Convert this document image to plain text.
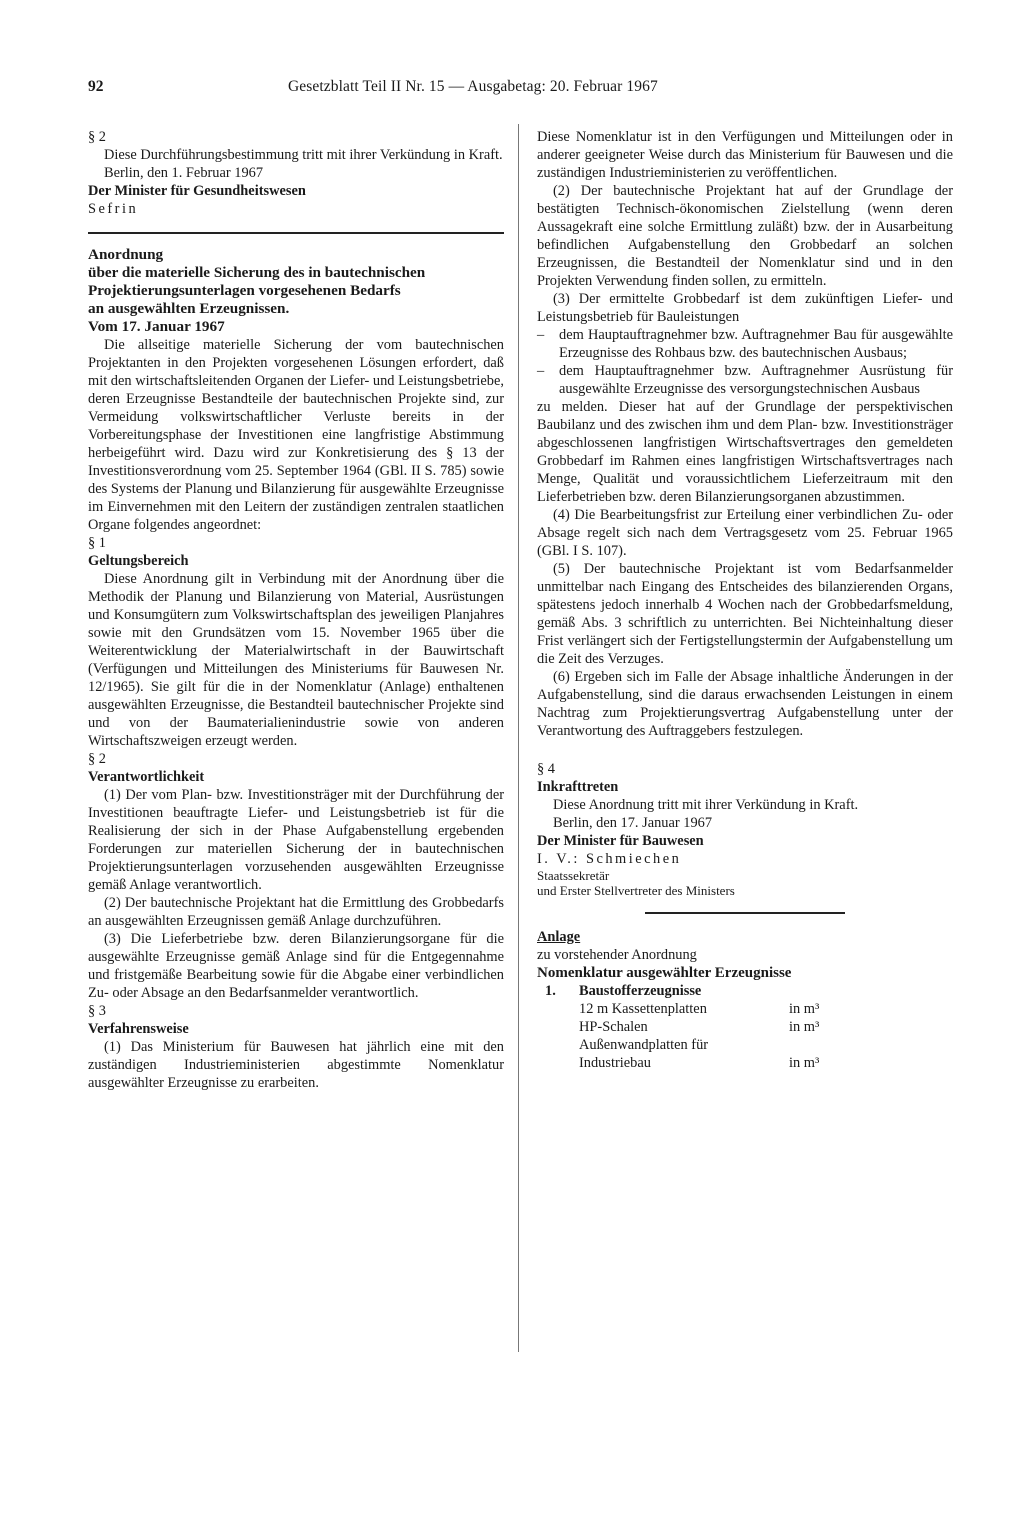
92	Gesetzblatt Teil II Nr. 15 — Ausgabetag: 20. Februar 1967

§ 2

Diese Durchführungsbestimmung tritt mit ihrer Verkündung in Kraft.

Berlin, den 1. Februar 1967

Der Minister für Gesundheitswesen

Sefrin

Anordnung

über die materielle Sicherung des in bautechnischen

Projektierungsunterlagen vorgesehenen Bedarfs

an ausgewählten Erzeugnissen.

Vom 17. Januar 1967

Die allseitige materielle Sicherung der vom bautechnischen Projektanten in den Projekten vorgesehenen Lösungen erfordert, daß mit den wirtschaftsleitenden Organen der Liefer- und Leistungsbetriebe, deren Erzeugnisse Bestandteile der bautechnischen Projekte sind, zur Vermeidung volkswirtschaftlicher Verluste bereits in der Vorbereitungsphase der Investitionen eine langfristige Abstimmung herbeigeführt wird. Dazu wird zur Konkretisierung des § 13 der Investitionsverordnung vom 25. September 1964 (GBl. II S. 785) sowie des Systems der Planung und Bilanzierung für ausgewählte Erzeugnisse im Einvernehmen mit den Leitern der zuständigen zentralen staatlichen Organe folgendes angeordnet:

§ 1

Geltungsbereich

Diese Anordnung gilt in Verbindung mit der Anordnung über die Methodik der Planung und Bilanzierung von Material, Ausrüstungen und Konsumgütern zum Volkswirtschaftsplan des jeweiligen Planjahres sowie mit den Grundsätzen vom 15. November 1965 über die Weiterentwicklung der Materialwirtschaft in der Bauwirtschaft (Verfügungen und Mitteilungen des Ministeriums für Bauwesen Nr. 12/1965). Sie gilt für die in der Nomenklatur (Anlage) enthaltenen ausgewählten Erzeugnisse, die Bestandteil bautechnischer Projekte sind und von der Baumaterialienindustrie sowie von anderen Wirtschaftszweigen erzeugt werden.

§ 2

Verantwortlichkeit

(1) Der vom Plan- bzw. Investitionsträger mit der Durchführung der Investitionen beauftragte Liefer- und Leistungsbetrieb ist für die Realisierung der sich in der Phase Aufgabenstellung ergebenden Forderungen zur materiellen Sicherung der in bautechnischen Projektierungsunterlagen vorzusehenden ausgewählten Erzeugnisse gemäß Anlage verantwortlich.

(2) Der bautechnische Projektant hat die Ermittlung des Grobbedarfs an ausgewählten Erzeugnissen gemäß Anlage durchzuführen.

(3) Die Lieferbetriebe bzw. deren Bilanzierungsorgane für die ausgewählte Erzeugnisse gemäß Anlage sind für die Entgegennahme und fristgemäße Bearbeitung sowie für die Abgabe einer verbindlichen Zu- oder Absage an den Bedarfsanmelder verantwortlich.

§ 3

Verfahrensweise

(1) Das Ministerium für Bauwesen hat jährlich eine mit den zuständigen Industrieministerien abgestimmte Nomenklatur ausgewählter Erzeugnisse zu erarbeiten.

Diese Nomenklatur ist in den Verfügungen und Mitteilungen oder in anderer geeigneter Weise durch das Ministerium für Bauwesen und die zuständigen Industrieministerien zu veröffentlichen.

(2) Der bautechnische Projektant hat auf der Grundlage der bestätigten Technisch-ökonomischen Zielstellung (wenn deren Aussagekraft eine solche Ermittlung zuläßt) bzw. der in Ausarbeitung befindlichen Aufgabenstellung den Grobbedarf an solchen Erzeugnissen, die Bestandteil der Nomenklatur sind und in den Projekten Verwendung finden sollen, zu ermitteln.

(3) Der ermittelte Grobbedarf ist dem zukünftigen Liefer- und Leistungsbetrieb für Bauleistungen

–	dem Hauptauftragnehmer bzw. Auftragnehmer Bau für ausgewählte Erzeugnisse des Rohbaus bzw. des bautechnischen Ausbaus;
–	dem Hauptauftragnehmer bzw. Auftragnehmer Ausrüstung für ausgewählte Erzeugnisse des versorgungstechnischen Ausbaus

zu melden. Dieser hat auf der Grundlage der perspektivischen Baubilanz und des zwischen ihm und dem Plan- bzw. Investitionsträger abgeschlossenen langfristigen Wirtschaftsvertrages den gemeldeten Grobbedarf im Rahmen eines langfristigen Wirtschaftsvertrages nach Menge, Qualität und voraussichtlichem Lieferzeitraum mit den Lieferbetrieben bzw. deren Bilanzierungsorganen abzustimmen.

(4) Die Bearbeitungsfrist zur Erteilung einer verbindlichen Zu- oder Absage regelt sich nach dem Vertragsgesetz vom 25. Februar 1965 (GBl. I S. 107).

(5) Der bautechnische Projektant ist vom Bedarfsanmelder unmittelbar nach Eingang des Entscheides des bilanzierenden Organs, spätestens jedoch innerhalb 4 Wochen nach der Grobbedarfsmeldung, gemäß Abs. 3 schriftlich zu unterrichten. Bei Nichteinhaltung dieser Frist verlängert sich der Fertigstellungstermin der Aufgabenstellung um die Zeit des Verzuges.

(6) Ergeben sich im Falle der Absage inhaltliche Änderungen in der Aufgabenstellung, sind die daraus erwachsenden Leistungen in einem Nachtrag zum Projektierungsvertrag Aufgabenstellung unter der Verantwortung des Auftraggebers festzulegen.

§ 4

Inkrafttreten

Diese Anordnung tritt mit ihrer Verkündung in Kraft.

Berlin, den 17. Januar 1967

Der Minister für Bauwesen

I. V.: Schmiechen

Staatssekretär

und Erster Stellvertreter des Ministers

Anlage

zu vorstehender Anordnung

Nomenklatur ausgewählter Erzeugnisse

1.	Baustofferzeugnisse
12 m Kassettenplatten	in m³
HP-Schalen	in m³
Außenwandplatten für
Industriebau	in m³
